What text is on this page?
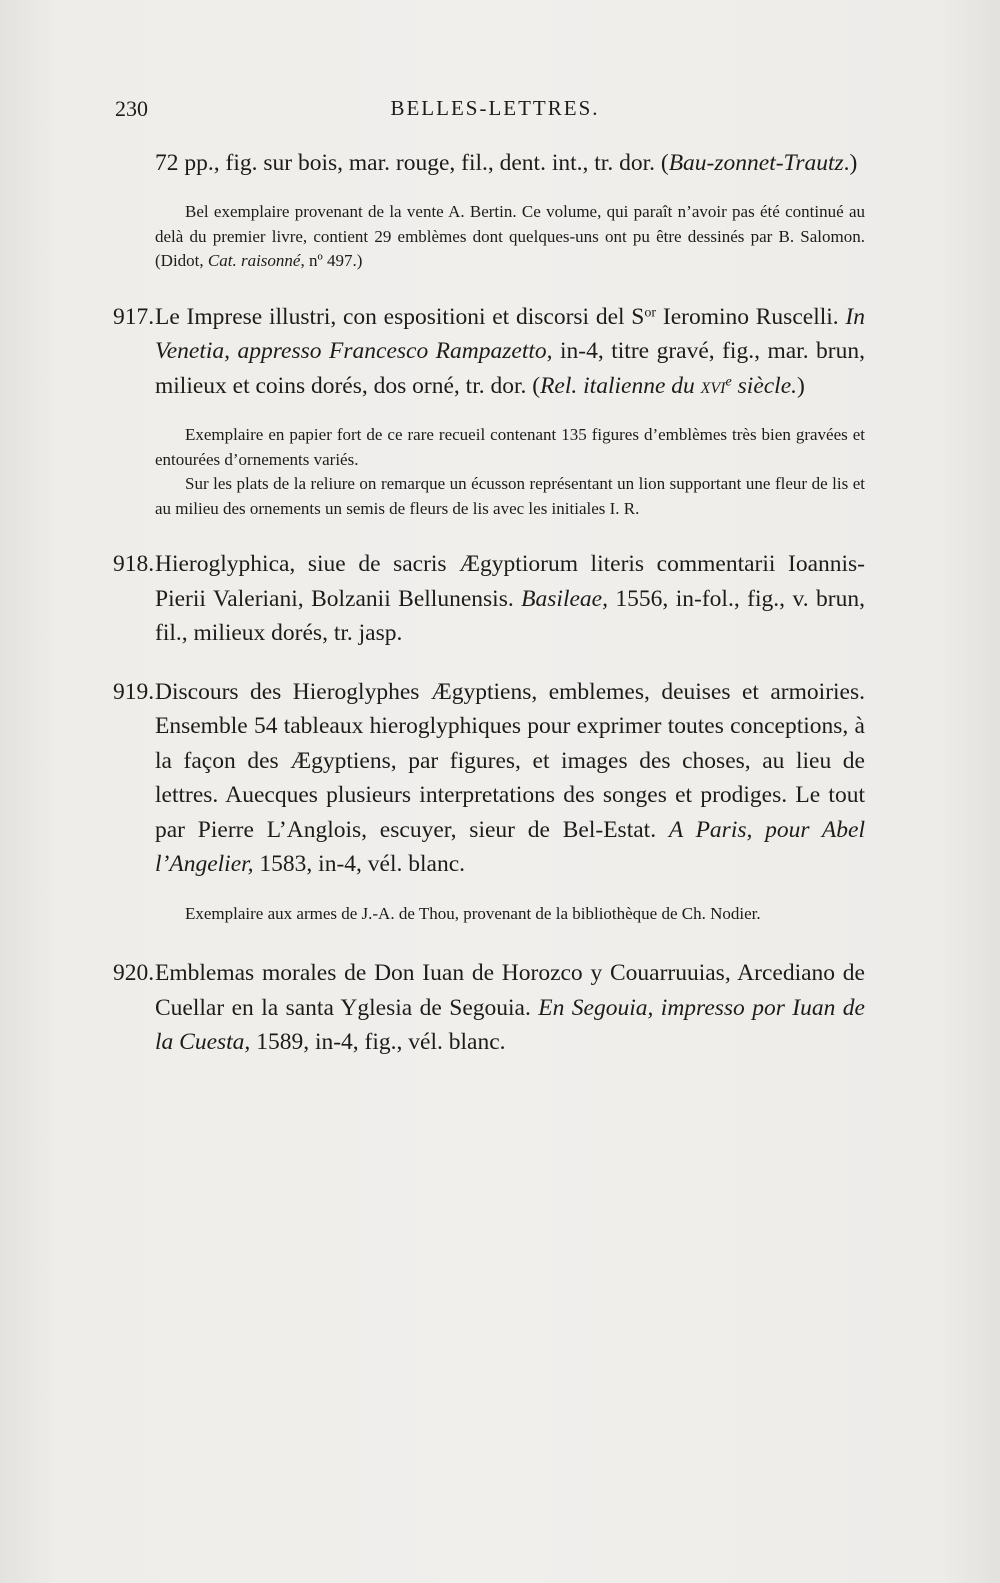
230	BELLES-LETTRES.

72 pp., fig. sur bois, mar. rouge, fil., dent. int., tr. dor. (Bau-zonnet-Trautz.)

Bel exemplaire provenant de la vente A. Bertin. Ce volume, qui paraît n’avoir pas été continué au delà du premier livre, contient 29 emblèmes dont quelques-uns ont pu être dessinés par B. Salomon. (Didot, Cat. raisonné, nº 497.)

917.Le Imprese illustri, con espositioni et discorsi del $S^{or}$ Ieromino Ruscelli. In Venetia, appresso Francesco Rampazetto, in-4, titre gravé, fig., mar. brun, milieux et coins dorés, dos orné, tr. dor. (Rel. italienne du xvi$^e$ siècle.)

Exemplaire en papier fort de ce rare recueil contenant 135 figures d’emblèmes très bien gravées et entourées d’ornements variés.

Sur les plats de la reliure on remarque un écusson représentant un lion supportant une fleur de lis et au milieu des ornements un semis de fleurs de lis avec les initiales I. R.

918.Hieroglyphica, siue de sacris Ægyptiorum literis commentarii Ioannis-Pierii Valeriani, Bolzanii Bellunensis. Basileae, 1556, in-fol., fig., v. brun, fil., milieux dorés, tr. jasp.

919.Discours des Hieroglyphes Ægyptiens, emblemes, deuises et armoiries. Ensemble 54 tableaux hieroglyphiques pour exprimer toutes conceptions, à la façon des Ægyptiens, par figures, et images des choses, au lieu de lettres. Auecques plusieurs interpretations des songes et prodiges. Le tout par Pierre L’Anglois, escuyer, sieur de Bel-Estat. A Paris, pour Abel l’Angelier, 1583, in-4, vél. blanc.

Exemplaire aux armes de J.-A. de Thou, provenant de la bibliothèque de Ch. Nodier.

920.Emblemas morales de Don Iuan de Horozco y Couarruuias, Arcediano de Cuellar en la santa Yglesia de Segouia. En Segouia, impresso por Iuan de la Cuesta, 1589, in-4, fig., vél. blanc.
